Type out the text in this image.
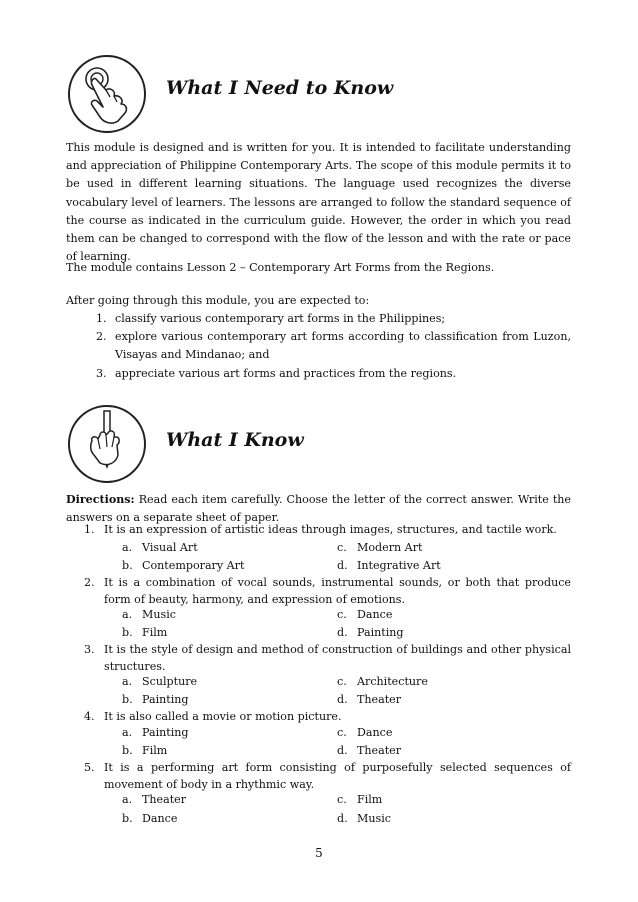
What I Need to Know
This module is designed and is written for you. It is intended to facilitate understanding and appreciation of Philippine Contemporary Arts. The scope of this module permits it to be used in different learning situations. The language used recognizes the diverse vocabulary level of learners. The lessons are arranged to follow the standard sequence of the course as indicated in the curriculum guide. However, the order in which you read them can be changed to correspond with the flow of the lesson and with the rate or pace of learning.
The module contains Lesson 2 – Contemporary Art Forms from the Regions.
After going through this module, you are expected to:
1. classify various contemporary art forms in the Philippines;
2. explore various contemporary art forms according to classification from Luzon, Visayas and Mindanao; and
3. appreciate various art forms and practices from the regions.
What I Know
Directions: Read each item carefully. Choose the letter of the correct answer. Write the answers on a separate sheet of paper.
1. It is an expression of artistic ideas through images, structures, and tactile work.
a. Visual Art	c. Modern Art
b. Contemporary Art	d. Integrative Art
2. It is a combination of vocal sounds, instrumental sounds, or both that produce form of beauty, harmony, and expression of emotions.
a. Music	c. Dance
b. Film	d. Painting
3. It is the style of design and method of construction of buildings and other physical structures.
a. Sculpture	c. Architecture
b. Painting	d. Theater
4. It is also called a movie or motion picture.
a. Painting	c. Dance
b. Film	d. Theater
5. It is a performing art form consisting of purposefully selected sequences of movement of body in a rhythmic way.
a. Theater	c. Film
b. Dance	d. Music
5
